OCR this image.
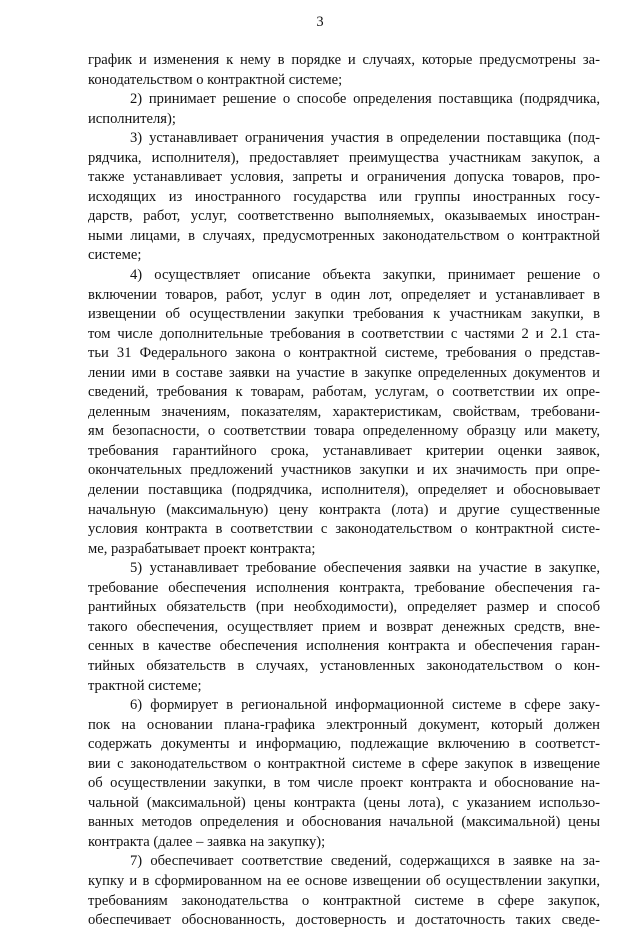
3
график и изменения к нему в порядке и случаях, которые предусмотрены за-
конодательством о контрактной системе;
2) принимает решение о способе определения поставщика (подрядчика,
исполнителя);
3) устанавливает ограничения участия в определении поставщика (под-
рядчика, исполнителя), предоставляет преимущества участникам закупок, а
также устанавливает условия, запреты и ограничения допуска товаров, про-
исходящих из иностранного государства или группы иностранных госу-
дарств, работ, услуг, соответственно выполняемых, оказываемых иностран-
ными лицами, в случаях, предусмотренных законодательством о контрактной
системе;
4) осуществляет описание объекта закупки, принимает решение о
включении товаров, работ, услуг в один лот, определяет и устанавливает в
извещении об осуществлении закупки требования к участникам закупки, в
том числе дополнительные требования в соответствии с частями 2 и 2.1 ста-
тьи 31 Федерального закона о контрактной системе, требования о представ-
лении ими в составе заявки на участие в закупке определенных документов и
сведений, требования к товарам, работам, услугам, о соответствии их опре-
деленным значениям, показателям, характеристикам, свойствам, требовани-
ям безопасности, о соответствии товара определенному образцу или макету,
требования гарантийного срока, устанавливает критерии оценки заявок,
окончательных предложений участников закупки и их значимость при опре-
делении поставщика (подрядчика, исполнителя), определяет и обосновывает
начальную (максимальную) цену контракта (лота) и другие существенные
условия контракта в соответствии с законодательством о контрактной систе-
ме, разрабатывает проект контракта;
5) устанавливает требование обеспечения заявки на участие в закупке,
требование обеспечения исполнения контракта, требование обеспечения га-
рантийных обязательств (при необходимости), определяет размер и способ
такого обеспечения, осуществляет прием и возврат денежных средств, вне-
сенных в качестве обеспечения исполнения контракта и обеспечения гаран-
тийных обязательств в случаях, установленных законодательством о кон-
трактной системе;
6) формирует в региональной информационной системе в сфере заку-
пок на основании плана-графика электронный документ, который должен
содержать документы и информацию, подлежащие включению в соответст-
вии с законодательством о контрактной системе в сфере закупок в извещение
об осуществлении закупки, в том числе проект контракта и обоснование на-
чальной (максимальной) цены контракта (цены лота), с указанием использо-
ванных методов определения и обоснования начальной (максимальной) цены
контракта (далее – заявка на закупку);
7) обеспечивает соответствие сведений, содержащихся в заявке на за-
купку и в сформированном на ее основе извещении об осуществлении закупки,
требованиям законодательства о контрактной системе в сфере закупок,
обеспечивает обоснованность, достоверность и достаточность таких сведе-
